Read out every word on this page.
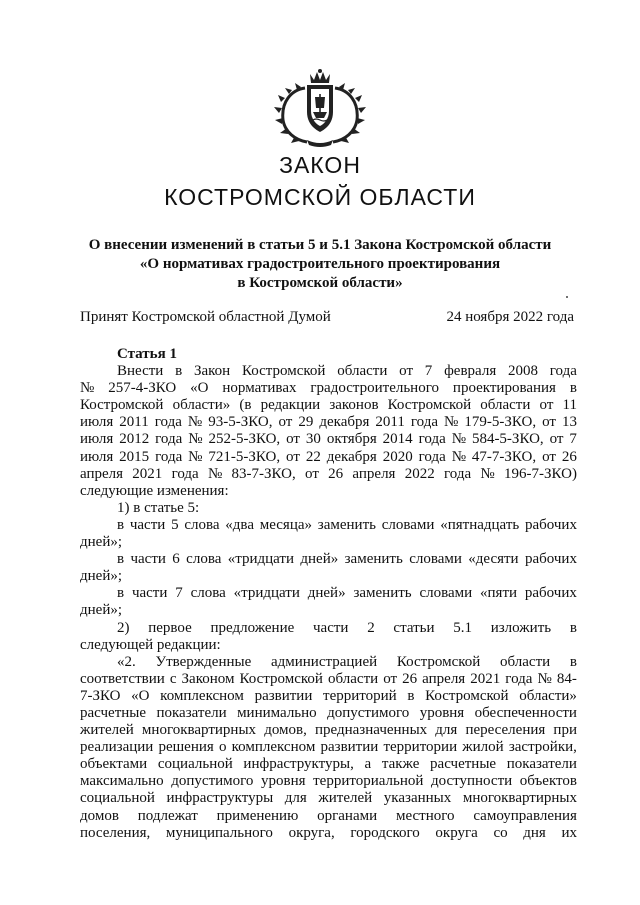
ЗАКОН
КОСТРОМСКОЙ ОБЛАСТИ
О внесении изменений в статьи 5 и 5.1 Закона Костромской области
«О нормативах градостроительного проектирования
в Костромской области»
Принят Костромской областной Думой	24 ноября 2022 года
Статья 1
Внести в Закон Костромской области от 7 февраля 2008 года
№ 257-4-ЗКО «О нормативах градостроительного проектирования в
Костромской области» (в редакции законов Костромской области от 11
июля 2011 года № 93-5-ЗКО, от 29 декабря 2011 года № 179-5-ЗКО, от 13
июля 2012 года № 252-5-ЗКО, от 30 октября 2014 года № 584-5-ЗКО, от 7
июля 2015 года № 721-5-ЗКО, от 22 декабря 2020 года № 47-7-ЗКО, от 26
апреля 2021 года № 83-7-ЗКО, от 26 апреля 2022 года № 196-7-ЗКО)
следующие изменения:
1) в статье 5:
в части 5 слова «два месяца» заменить словами «пятнадцать рабочих
дней»;
в части 6 слова «тридцати дней» заменить словами «десяти рабочих
дней»;
в части 7 слова «тридцати дней» заменить словами «пяти рабочих
дней»;
2) первое предложение части 2 статьи 5.1 изложить в
следующей редакции:
«2. Утвержденные администрацией Костромской области в
соответствии с Законом Костромской области от 26 апреля 2021 года № 84-
7-ЗКО «О комплексном развитии территорий в Костромской области»
расчетные показатели минимально допустимого уровня обеспеченности
жителей многоквартирных домов, предназначенных для переселения при
реализации решения о комплексном развитии территории жилой застройки,
объектами социальной инфраструктуры, а также расчетные показатели
максимально допустимого уровня территориальной доступности объектов
социальной инфраструктуры для жителей указанных многоквартирных
домов подлежат применению органами местного самоуправления
поселения, муниципального округа, городского округа со дня их
